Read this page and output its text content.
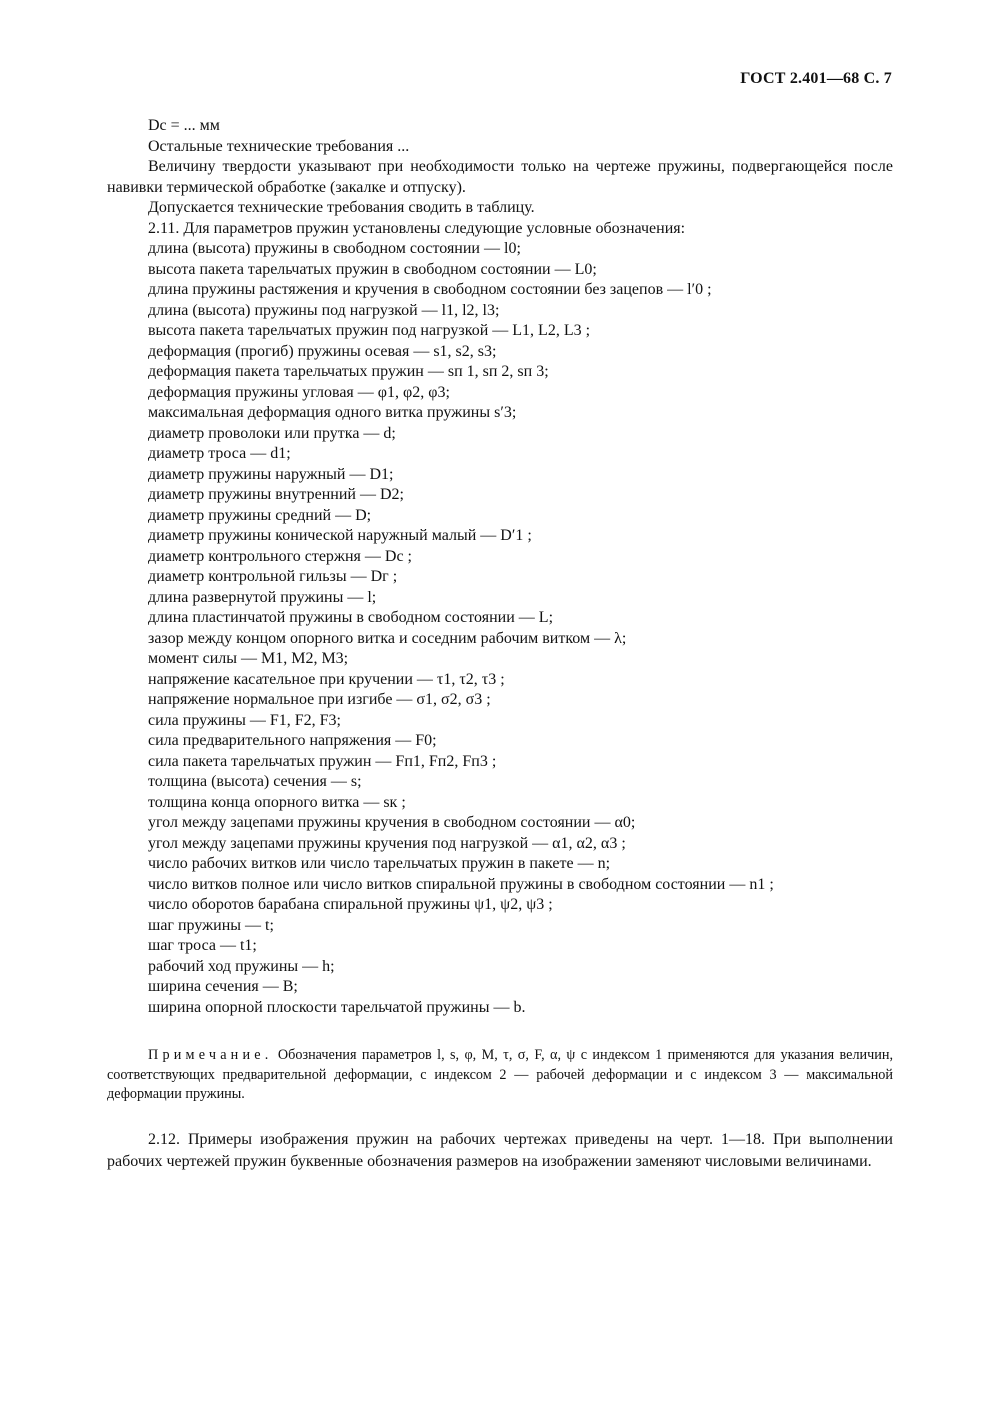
ГОСТ 2.401—68 С. 7

Dс = ... мм

Остальные технические требования ...

Величину твердости указывают при необходимости только на чертеже пружины, подвергающейся после навивки термической обработке (закалке и отпуску).

Допускается технические требования сводить в таблицу.

2.11. Для параметров пружин установлены следующие условные обозначения:

длина (высота) пружины в свободном состоянии — l0;

высота пакета тарельчатых пружин в свободном состоянии — L0;

длина пружины растяжения и кручения в свободном состоянии без зацепов — l′0 ;

длина (высота) пружины под нагрузкой — l1, l2, l3;

высота пакета тарельчатых пружин под нагрузкой — L1, L2, L3 ;

деформация (прогиб) пружины осевая — s1, s2, s3;

деформация пакета тарельчатых пружин — sп 1, sп 2, sп 3;

деформация пружины угловая — φ1, φ2, φ3;

максимальная деформация одного витка пружины s′3;

диаметр проволоки или прутка — d;

диаметр троса — d1;

диаметр пружины наружный — D1;

диаметр пружины внутренний — D2;

диаметр пружины средний — D;

диаметр пружины конической наружный малый — D′1 ;

диаметр контрольного стержня — Dс ;

диаметр контрольной гильзы — Dг ;

длина развернутой пружины — l;

длина пластинчатой пружины в свободном состоянии — L;

зазор между концом опорного витка и соседним рабочим витком — λ;

момент силы — M1, M2, M3;

напряжение касательное при кручении — τ1, τ2, τ3 ;

напряжение нормальное при изгибе — σ1, σ2, σ3 ;

сила пружины — F1, F2, F3;

сила предварительного напряжения — F0;

сила пакета тарельчатых пружин — Fп1, Fп2, Fп3 ;

толщина (высота) сечения — s;

толщина конца опорного витка — sк ;

угол между зацепами пружины кручения в свободном состоянии — α0;

угол между зацепами пружины кручения под нагрузкой — α1, α2, α3 ;

число рабочих витков или число тарельчатых пружин в пакете — n;

число витков полное или число витков спиральной пружины в свободном состоянии — n1 ;

число оборотов барабана спиральной пружины ψ1, ψ2, ψ3 ;

шаг пружины — t;

шаг троса — t1;

рабочий ход пружины — h;

ширина сечения — B;

ширина опорной плоскости тарельчатой пружины — b.

Примечание. Обозначения параметров l, s, φ, M, τ, σ, F, α, ψ с индексом 1 применяются для указания величин, соответствующих предварительной деформации, с индексом 2 — рабочей деформации и с индексом 3 — максимальной деформации пружины.

2.12. Примеры изображения пружин на рабочих чертежах приведены на черт. 1—18. При выполнении рабочих чертежей пружин буквенные обозначения размеров на изображении заменяют числовыми величинами.
